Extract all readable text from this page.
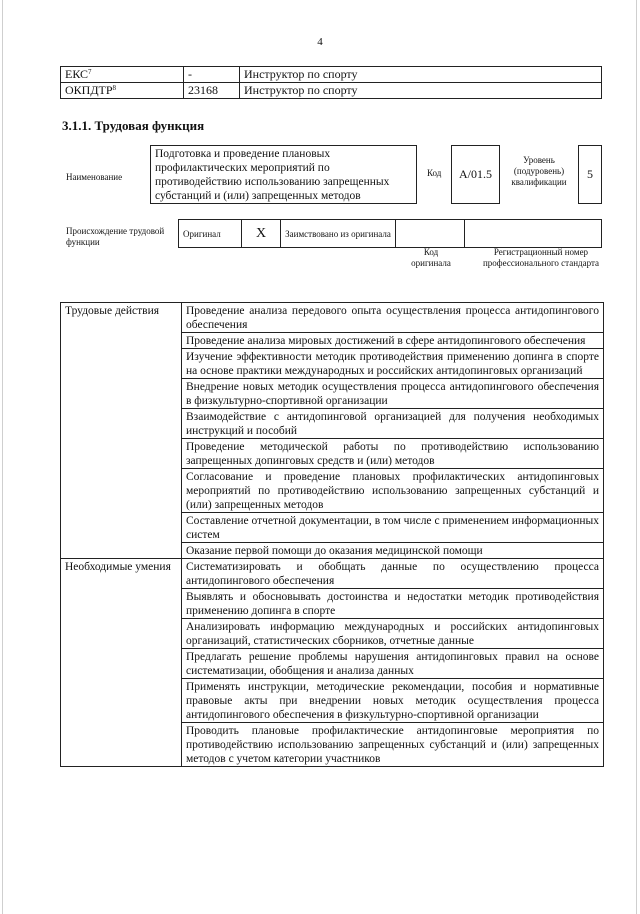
4
ЕКС$^7$	-	Инструктор по спорту
ОКПДТР$^8$	23168	Инструктор по спорту
3.1.1. Трудовая функция
Наименование
Подготовка и проведение плановых профилактических мероприятий по противодействию использованию запрещенных субстанций и (или) запрещенных методов
Код	A/01.5
Уровень (подуровень) квалификации
5
Происхождение трудовой функции
Оригинал	X	Заимствовано из оригинала		
Код оригинала
Регистрационный номер профессионального стандарта
Трудовые действия	Проведение анализа передового опыта осуществления процесса антидопингового обеспечения
	Проведение анализа мировых достижений в сфере антидопингового обеспечения
	Изучение эффективности методик противодействия применению допинга в спорте на основе практики международных и российских антидопинговых организаций
	Внедрение новых методик осуществления процесса антидопингового обеспечения в физкультурно-спортивной организации
	Взаимодействие с антидопинговой организацией для получения необходимых инструкций и пособий
	Проведение методической работы по противодействию использованию запрещенных допинговых средств и (или) методов
	Согласование и проведение плановых профилактических антидопинговых мероприятий по противодействию использованию запрещенных субстанций и (или) запрещенных методов
	Составление отчетной документации, в том числе с применением информационных систем
	Оказание первой помощи до оказания медицинской помощи
Необходимые умения	Систематизировать и обобщать данные по осуществлению процесса антидопингового обеспечения
	Выявлять и обосновывать достоинства и недостатки методик противодействия применению допинга в спорте
	Анализировать информацию международных и российских антидопинговых организаций, статистических сборников, отчетные данные
	Предлагать решение проблемы нарушения антидопинговых правил на основе систематизации, обобщения и анализа данных
	Применять инструкции, методические рекомендации, пособия и нормативные правовые акты при внедрении новых методик осуществления процесса антидопингового обеспечения в физкультурно-спортивной организации
	Проводить плановые профилактические антидопинговые мероприятия по противодействию использованию запрещенных субстанций и (или) запрещенных методов с учетом категории участников
